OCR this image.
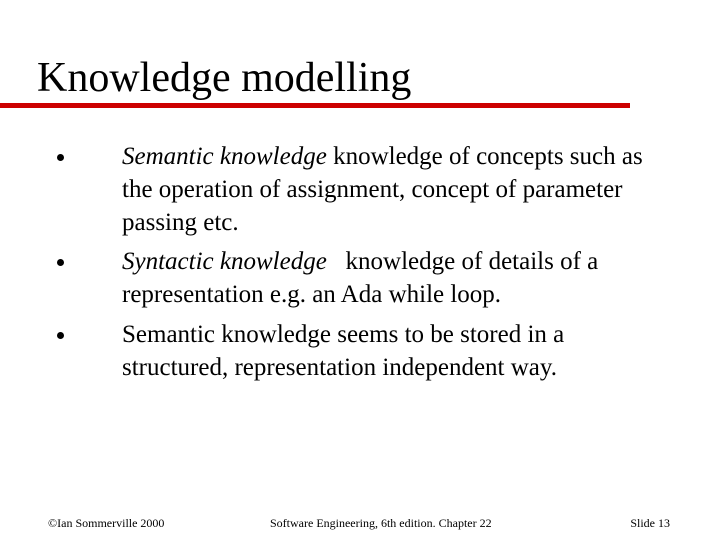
Knowledge modelling
Semantic knowledge knowledge of concepts such as the operation of assignment, concept of parameter passing etc.
Syntactic knowledge   knowledge of details of a representation e.g. an Ada while loop.
Semantic knowledge seems to be stored in a structured, representation independent way.
©Ian Sommerville 2000	Software Engineering, 6th edition. Chapter 22	Slide 13
